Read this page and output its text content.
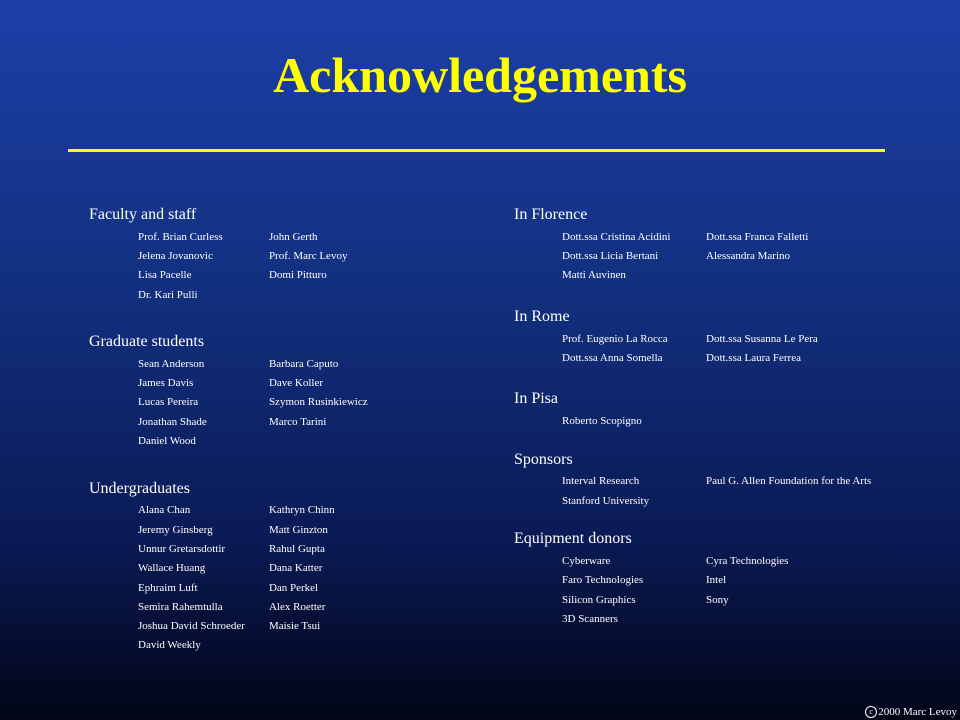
Acknowledgements
Faculty and staff
Prof. Brian Curless	John Gerth
Jelena Jovanovic	Prof. Marc Levoy
Lisa Pacelle	Domi Pitturo
Dr. Kari Pulli
Graduate students
Sean Anderson	Barbara Caputo
James Davis	Dave Koller
Lucas Pereira	Szymon Rusinkiewicz
Jonathan Shade	Marco Tarini
Daniel Wood
Undergraduates
Alana Chan	Kathryn Chinn
Jeremy Ginsberg	Matt Ginzton
Unnur Gretarsdottir	Rahul Gupta
Wallace Huang	Dana Katter
Ephraim Luft	Dan Perkel
Semira Rahemtulla	Alex Roetter
Joshua David Schroeder	Maisie Tsui
David Weekly
In Florence
Dott.ssa Cristina Acidini	Dott.ssa Franca Falletti
Dott.ssa Licia Bertani	Alessandra Marino
Matti Auvinen
In Rome
Prof. Eugenio La Rocca	Dott.ssa Susanna Le Pera
Dott.ssa Anna Somella	Dott.ssa Laura Ferrea
In Pisa
Roberto Scopigno
Sponsors
Interval Research	Paul G. Allen Foundation for the Arts
Stanford University
Equipment donors
Cyberware	Cyra Technologies
Faro Technologies	Intel
Silicon Graphics	Sony
3D Scanners
c 2000 Marc Levoy
